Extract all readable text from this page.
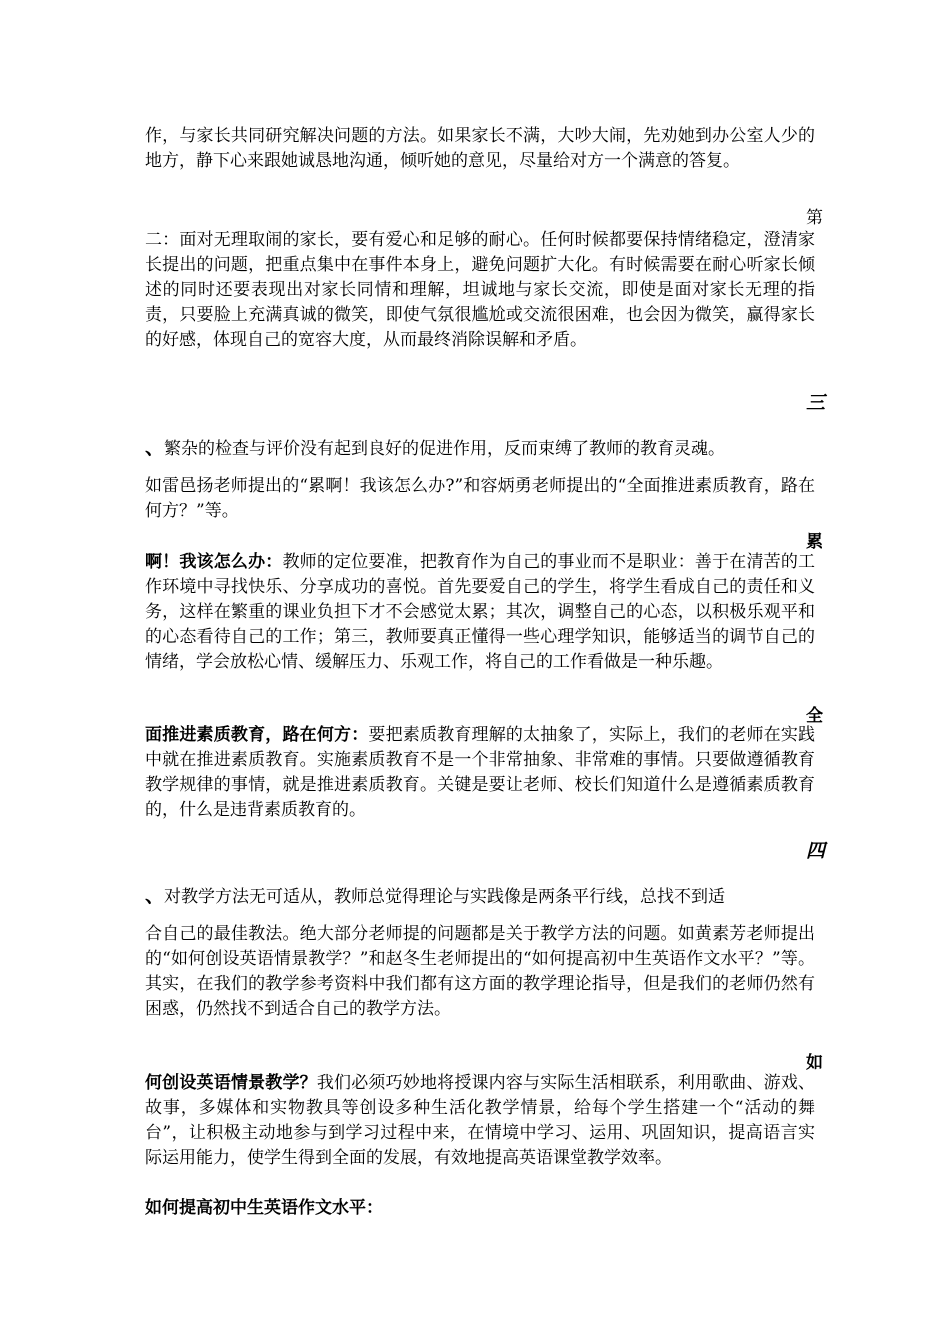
作，与家长共同研究解决问题的方法。如果家长不满，大吵大闹，先劝她到办公室人少的地方，静下心来跟她诚恳地沟通，倾听她的意见，尽量给对方一个满意的答复。
第
二：面对无理取闹的家长，要有爱心和足够的耐心。任何时候都要保持情绪稳定，澄清家长提出的问题，把重点集中在事件本身上，避免问题扩大化。有时候需要在耐心听家长倾述的同时还要表现出对家长同情和理解，坦诚地与家长交流，即使是面对家长无理的指责，只要脸上充满真诚的微笑，即使气氛很尴尬或交流很困难，也会因为微笑，赢得家长的好感，体现自己的宽容大度，从而最终消除误解和矛盾。
三
、繁杂的检查与评价没有起到良好的促进作用，反而束缚了教师的教育灵魂。
如雷邑扬老师提出的“累啊！我该怎么办?”和容炳勇老师提出的“全面推进素质教育，路在何方？”等。
累
啊！我该怎么办：教师的定位要准，把教育作为自己的事业而不是职业：善于在清苦的工作环境中寻找快乐、分享成功的喜悦。首先要爱自己的学生，将学生看成自己的责任和义务，这样在繁重的课业负担下才不会感觉太累；其次，调整自己的心态，以积极乐观平和的心态看待自己的工作；第三，教师要真正懂得一些心理学知识，能够适当的调节自己的情绪，学会放松心情、缓解压力、乐观工作，将自己的工作看做是一种乐趣。
全
面推进素质教育，路在何方：要把素质教育理解的太抽象了，实际上，我们的老师在实践中就在推进素质教育。实施素质教育不是一个非常抽象、非常难的事情。只要做遵循教育教学规律的事情，就是推进素质教育。关键是要让老师、校长们知道什么是遵循素质教育的，什么是违背素质教育的。
四
、对教学方法无可适从，教师总觉得理论与实践像是两条平行线，总找不到适
合自己的最佳教法。绝大部分老师提的问题都是关于教学方法的问题。如黄素芳老师提出的“如何创设英语情景教学？”和赵冬生老师提出的“如何提高初中生英语作文水平？”等。其实，在我们的教学参考资料中我们都有这方面的教学理论指导，但是我们的老师仍然有困惑，仍然找不到适合自己的教学方法。
如
何创设英语情景教学？我们必须巧妙地将授课内容与实际生活相联系，利用歌曲、游戏、故事，多媒体和实物教具等创设多种生活化教学情景，给每个学生搭建一个“活动的舞台”，让积极主动地参与到学习过程中来，在情境中学习、运用、巩固知识，提高语言实际运用能力，使学生得到全面的发展，有效地提高英语课堂教学效率。
如何提高初中生英语作文水平：
